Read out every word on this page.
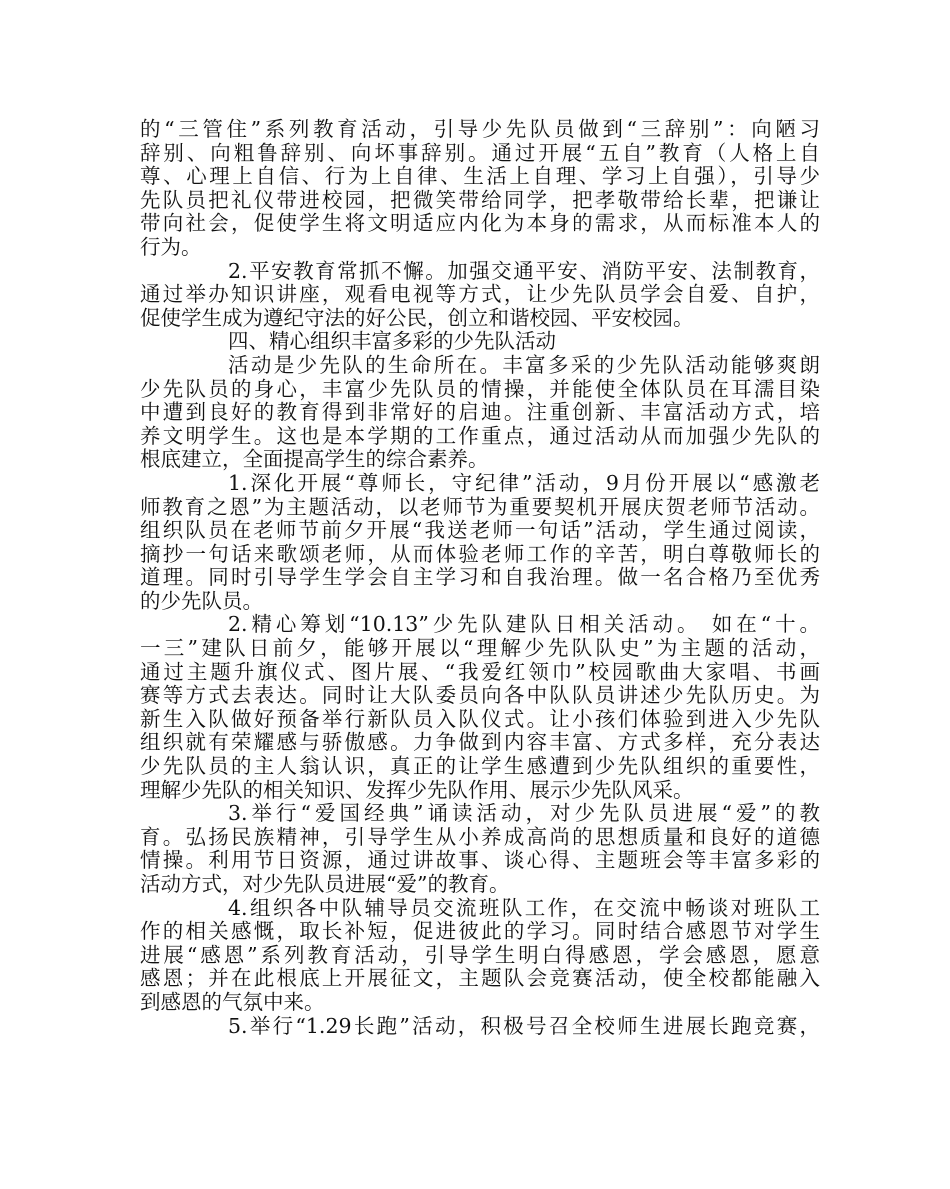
的“三管住”系列教育活动，引导少先队员做到“三辞别”：向陋习
辞别、向粗鲁辞别、向坏事辞别。通过开展“五自”教育（人格上自
尊、心理上自信、行为上自律、生活上自理、学习上自强），引导少
先队员把礼仪带进校园，把微笑带给同学，把孝敬带给长辈，把谦让
带向社会，促使学生将文明适应内化为本身的需求，从而标准本人的
行为。
2.平安教育常抓不懈。加强交通平安、消防平安、法制教育，
通过举办知识讲座，观看电视等方式，让少先队员学会自爱、自护，
促使学生成为遵纪守法的好公民，创立和谐校园、平安校园。
四、精心组织丰富多彩的少先队活动
活动是少先队的生命所在。丰富多采的少先队活动能够爽朗
少先队员的身心，丰富少先队员的情操，并能使全体队员在耳濡目染
中遭到良好的教育得到非常好的启迪。注重创新、丰富活动方式，培
养文明学生。这也是本学期的工作重点，通过活动从而加强少先队的
根底建立，全面提高学生的综合素养。
1.深化开展“尊师长，守纪律”活动，9月份开展以“感激老
师教育之恩”为主题活动，以老师节为重要契机开展庆贺老师节活动。
组织队员在老师节前夕开展“我送老师一句话”活动，学生通过阅读，
摘抄一句话来歌颂老师，从而体验老师工作的辛苦，明白尊敬师长的
道理。同时引导学生学会自主学习和自我治理。做一名合格乃至优秀
的少先队员。
2.精心筹划“10.13”少先队建队日相关活动。 如在“十。
一三”建队日前夕，能够开展以“理解少先队队史”为主题的活动，
通过主题升旗仪式、图片展、“我爱红领巾”校园歌曲大家唱、书画
赛等方式去表达。同时让大队委员向各中队队员讲述少先队历史。为
新生入队做好预备举行新队员入队仪式。让小孩们体验到进入少先队
组织就有荣耀感与骄傲感。力争做到内容丰富、方式多样，充分表达
少先队员的主人翁认识，真正的让学生感遭到少先队组织的重要性，
理解少先队的相关知识、发挥少先队作用、展示少先队风采。
3.举行“爱国经典”诵读活动，对少先队员进展“爱”的教
育。弘扬民族精神，引导学生从小养成高尚的思想质量和良好的道德
情操。利用节日资源，通过讲故事、谈心得、主题班会等丰富多彩的
活动方式，对少先队员进展“爱”的教育。
4.组织各中队辅导员交流班队工作，在交流中畅谈对班队工
作的相关感慨，取长补短，促进彼此的学习。同时结合感恩节对学生
进展“感恩”系列教育活动，引导学生明白得感恩，学会感恩，愿意
感恩；并在此根底上开展征文，主题队会竞赛活动，使全校都能融入
到感恩的气氛中来。
5.举行“1.29长跑”活动，积极号召全校师生进展长跑竞赛，
